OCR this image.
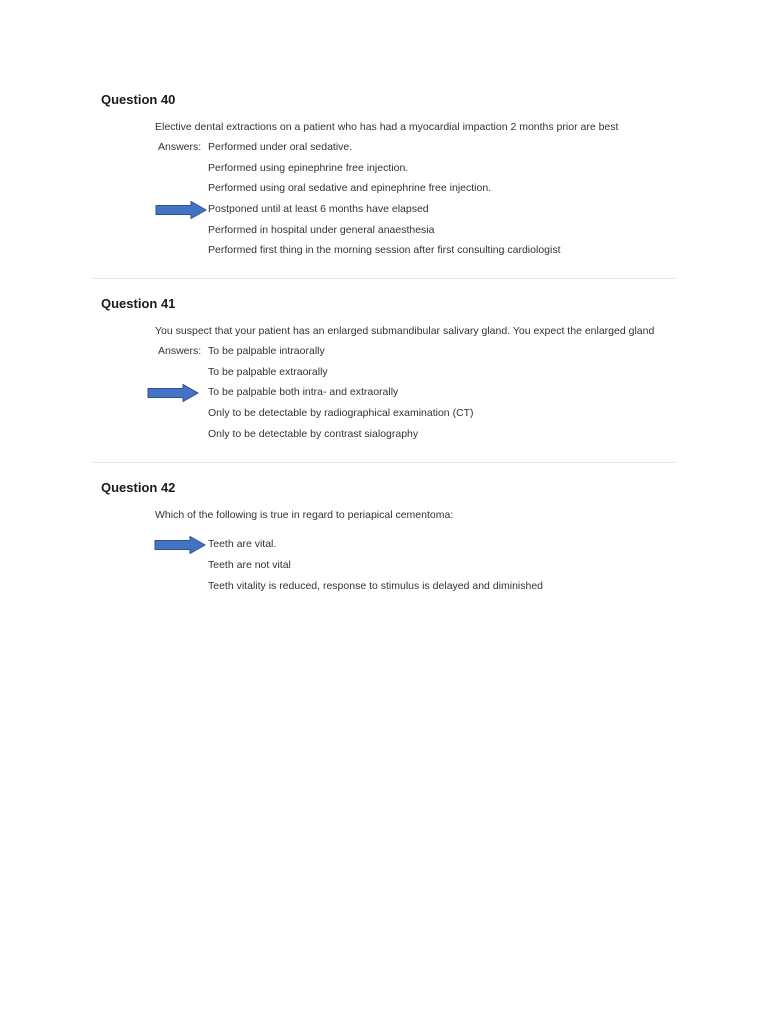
Question 40
Elective dental extractions on a patient who has had a myocardial impaction 2 months prior are best
Answers: Performed under oral sedative.
Performed using epinephrine free injection.
Performed using oral sedative and epinephrine free injection.
Postponed until at least 6 months have elapsed
Performed in hospital under general anaesthesia
Performed first thing in the morning session after first consulting cardiologist
Question 41
You suspect that your patient has an enlarged submandibular salivary gland. You expect the enlarged gland
Answers: To be palpable intraorally
To be palpable extraorally
To be palpable both intra- and extraorally
Only to be detectable by radiographical examination (CT)
Only to be detectable by contrast sialography
Question 42
Which of the following is true in regard to periapical cementoma:
Teeth are vital.
Teeth are not vital
Teeth vitality is reduced, response to stimulus is delayed and diminished
